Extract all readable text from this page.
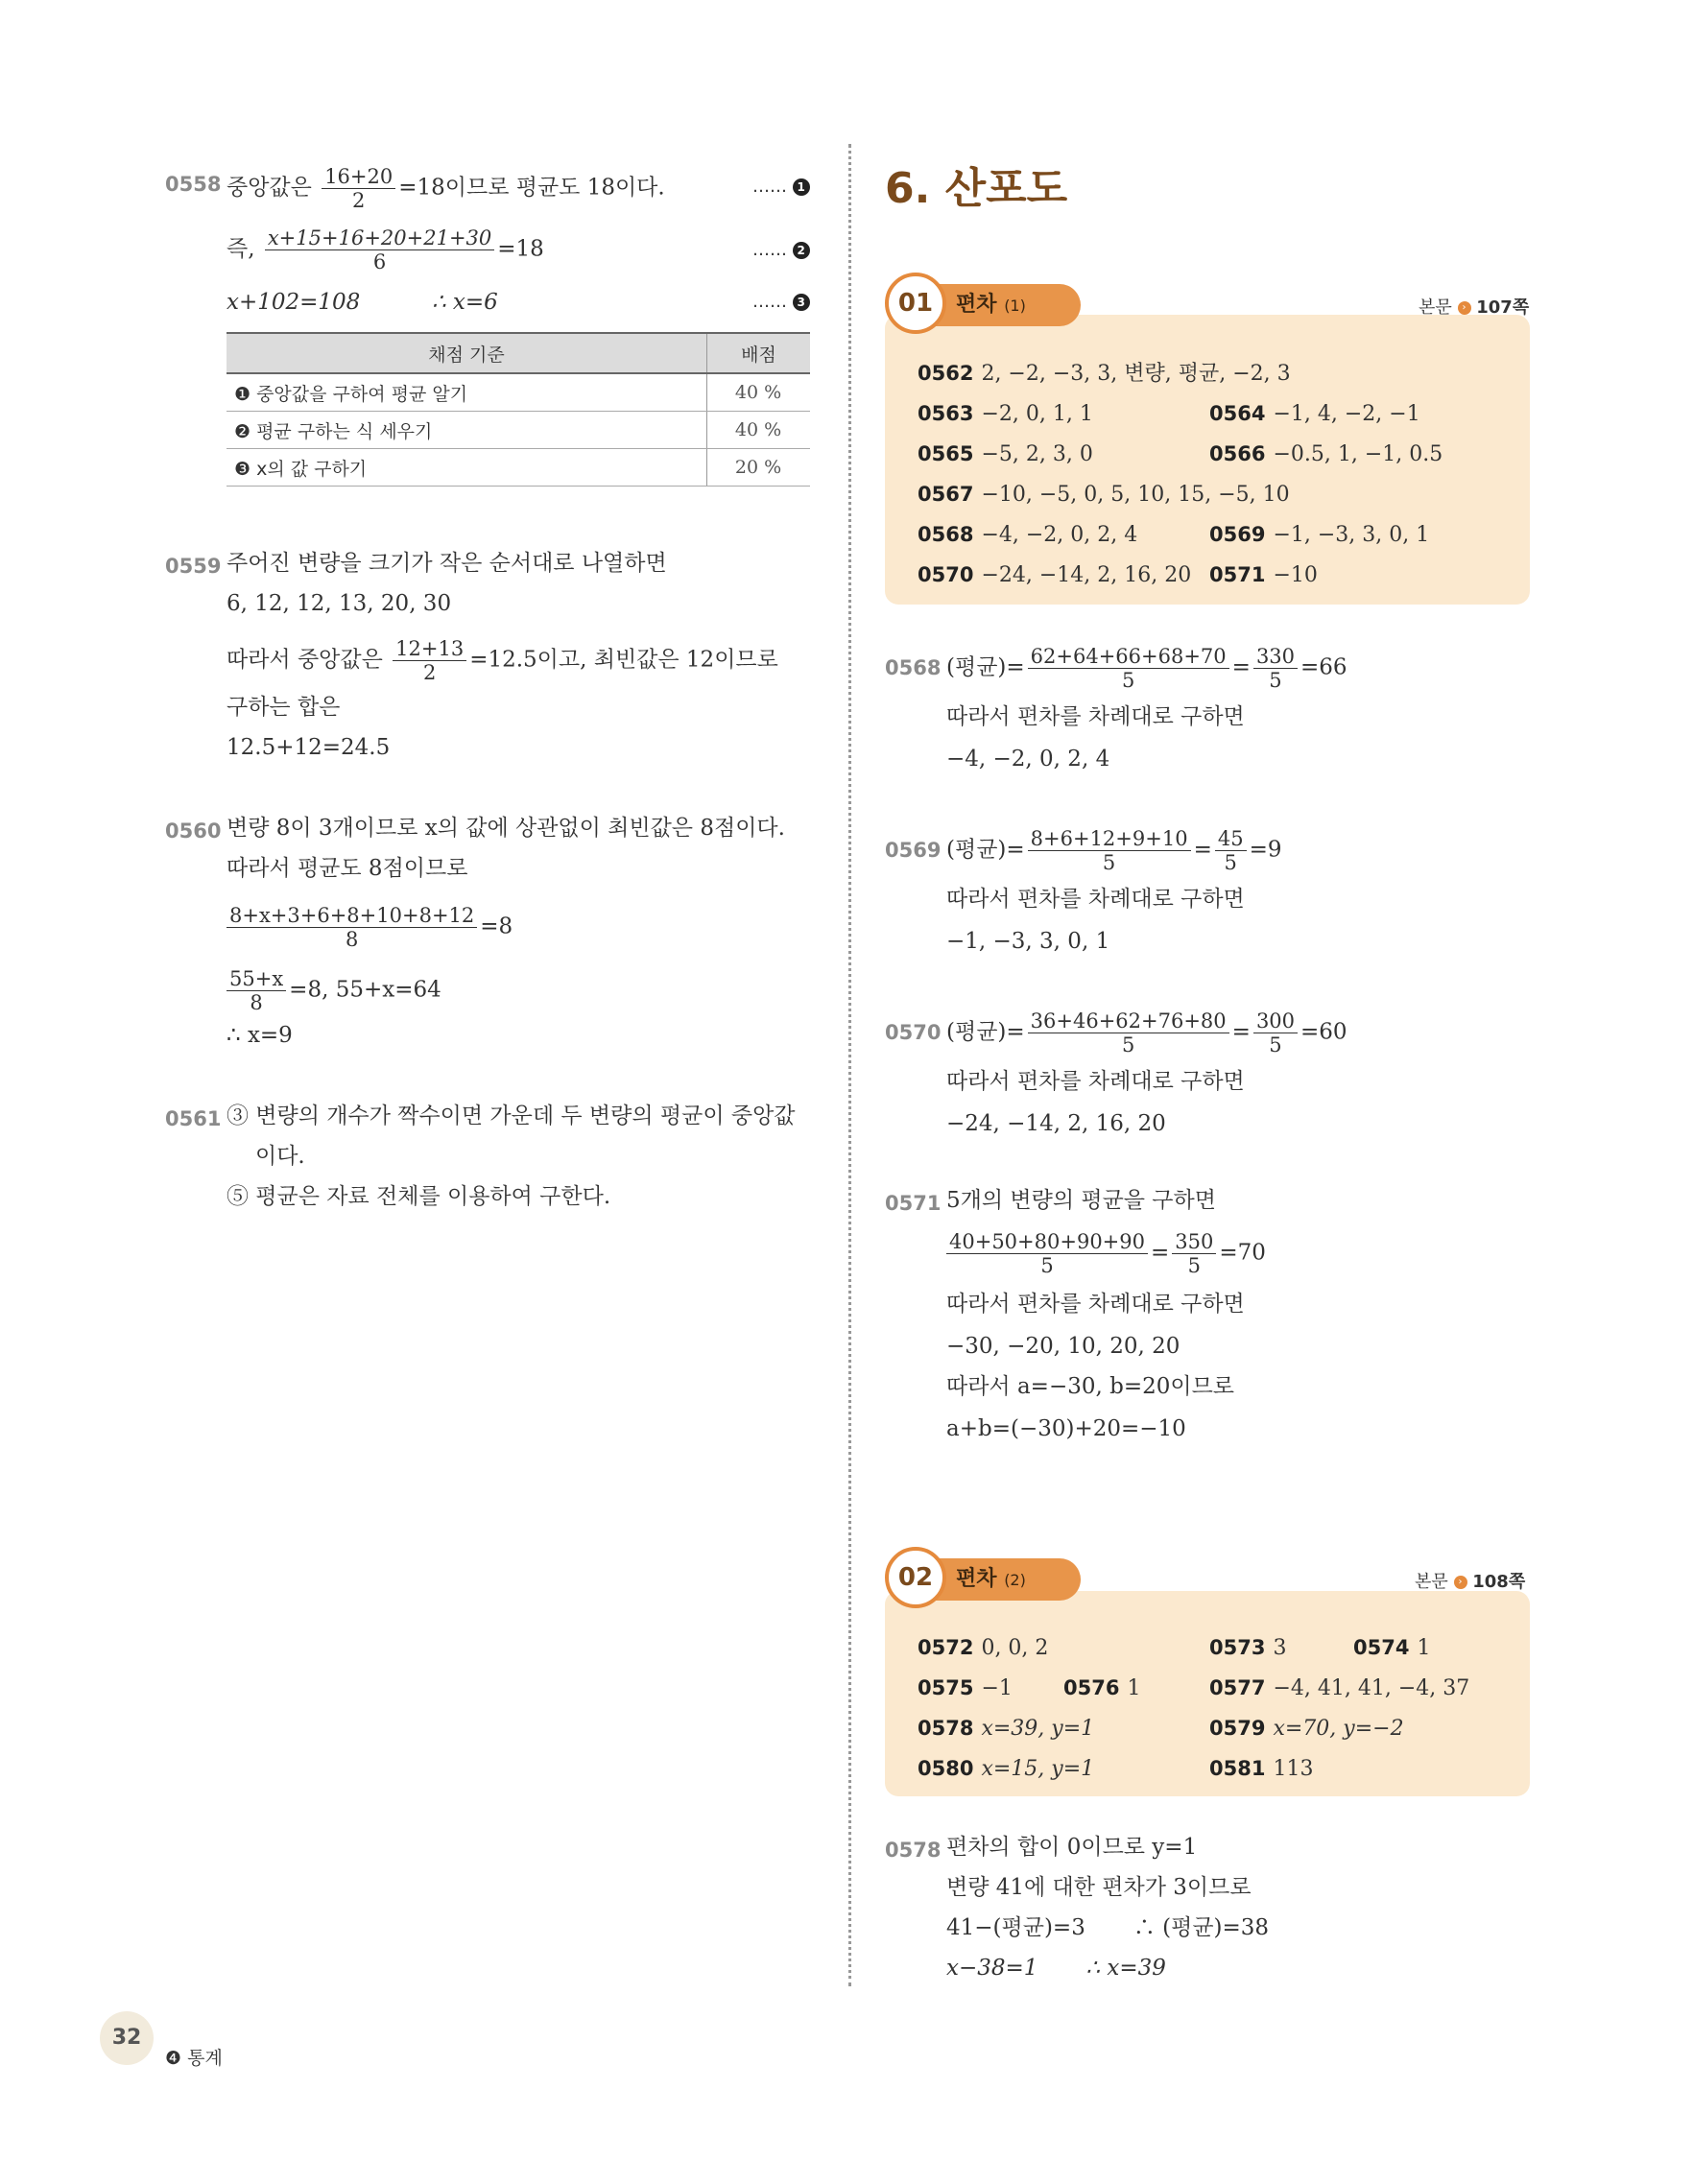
0558 중앙값은 $\frac{16+20}{2} =18$이므로 평균도 18이다.	…… 1
즉, $\frac{x+15+16+20+21+30}{6} =18$	…… 2
x+102=108	∴ x=6	…… 3
채점 기준	배점
❶ 중앙값을 구하여 평균 알기	40 %
❷ 평균 구하는 식 세우기	40 %
❸ x의 값 구하기	20 %
0559 주어진 변량을 크기가 작은 순서대로 나열하면
6, 12, 12, 13, 20, 30
따라서 중앙값은 $\frac{12+13}{2} =12.5$이고, 최빈값은 12이므로
구하는 합은
12.5+12=24.5
0560 변량 8이 3개이므로 x의 값에 상관없이 최빈값은 8점이다.
따라서 평균도 8점이므로
$\frac{8+x+3+6+8+10+8+12}{8} =8$
$\frac{55+x}{8} =8$, 55+x=64
∴ x=9
0561 ③ 변량의 개수가 짝수이면 가운데 두 변량의 평균이 중앙값
이다.
⑤ 평균은 자료 전체를 이용하여 구한다.
6. 산포도
편차 (1)
01	본문 › 107쪽
0562 2, −2, −3, 3, 변량, 평균, −2, 3
0563 −2, 0, 1, 1	0564 −1, 4, −2, −1
0565 −5, 2, 3, 0	0566 −0.5, 1, −1, 0.5
0567 −10, −5, 0, 5, 10, 15, −5, 10
0568 −4, −2, 0, 2, 4	0569 −1, −3, 3, 0, 1
0570 −24, −14, 2, 16, 20 0571 −10
0568 (평균)= $\frac{62+64+66+68+70}{5} = \frac{330}{5} =66$
따라서 편차를 차례대로 구하면
−4, −2, 0, 2, 4
0569 (평균)= $\frac{8+6+12+9+10}{5} = \frac{45}{5} =9$
따라서 편차를 차례대로 구하면
−1, −3, 3, 0, 1
0570 (평균)= $\frac{36+46+62+76+80}{5} = \frac{300}{5} =60$
따라서 편차를 차례대로 구하면
−24, −14, 2, 16, 20
0571 5개의 변량의 평균을 구하면
$\frac{40+50+80+90+90}{5} = \frac{350}{5} =70$
따라서 편차를 차례대로 구하면
−30, −20, 10, 20, 20
따라서 a=−30, b=20이므로
a+b=(−30)+20=−10
편차 (2)
02	본문 › 108쪽
0572 0, 0, 2	0573 3	0574 1
0575 −1	0576 1	0577 −4, 41, 41, −4, 37
0578 x=39, y=1	0579 x=70, y=−2
0580 x=15, y=1	0581 113
0578 편차의 합이 0이므로 y=1
변량 41에 대한 편차가 3이므로
41−(평균)=3 ∴ (평균)=38
x−38=1 ∴ x=39
32
❹ 통계
